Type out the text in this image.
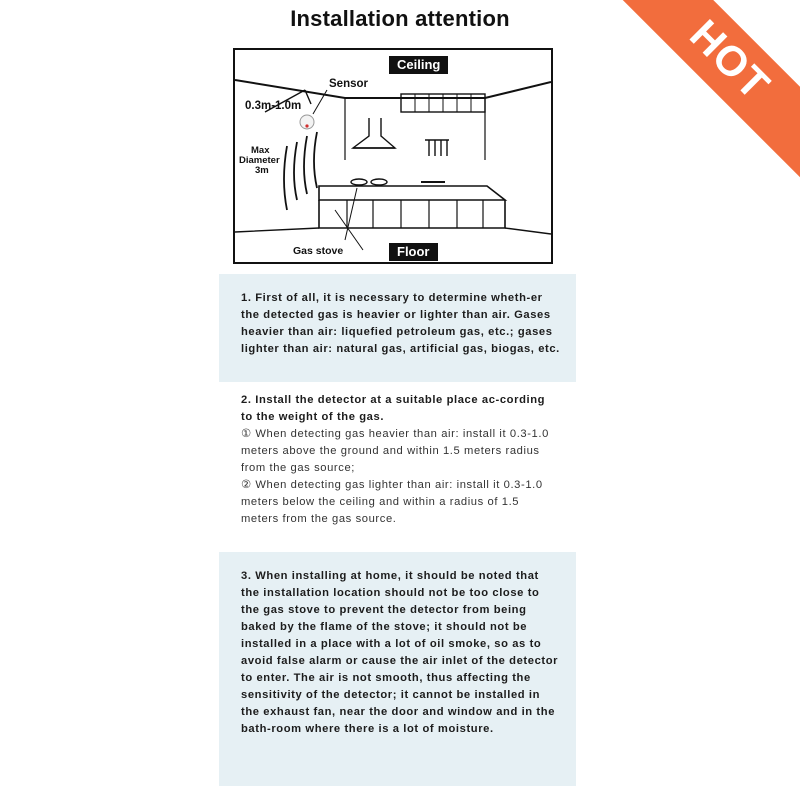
Installation attention
Ceiling
Floor
Sensor
0.3m-1.0m
Max
Diameter
3m
Gas stove
HOT

1. First of all, it is necessary to determine wheth-er the detected gas is heavier or lighter than air. Gases heavier than air: liquefied petroleum gas, etc.; gases lighter than air: natural gas, artificial gas, biogas, etc.

2. Install the detector at a suitable place ac-cording to the weight of the gas.

① When detecting gas heavier than air: install it 0.3-1.0 meters above the ground and within 1.5 meters radius from the gas source;

② When detecting gas lighter than air: install it 0.3-1.0 meters below the ceiling and within a radius of 1.5 meters from the gas source.

3. When installing at home, it should be noted that the installation location should not be too close to the gas stove to prevent the detector from being baked by the flame of the stove; it should not be installed in a place with a lot of oil smoke, so as to avoid false alarm or cause the air inlet of the detector to enter. The air is not smooth, thus affecting the sensitivity of the detector; it cannot be installed in the exhaust fan, near the door and window and in the bath-room where there is a lot of moisture.
